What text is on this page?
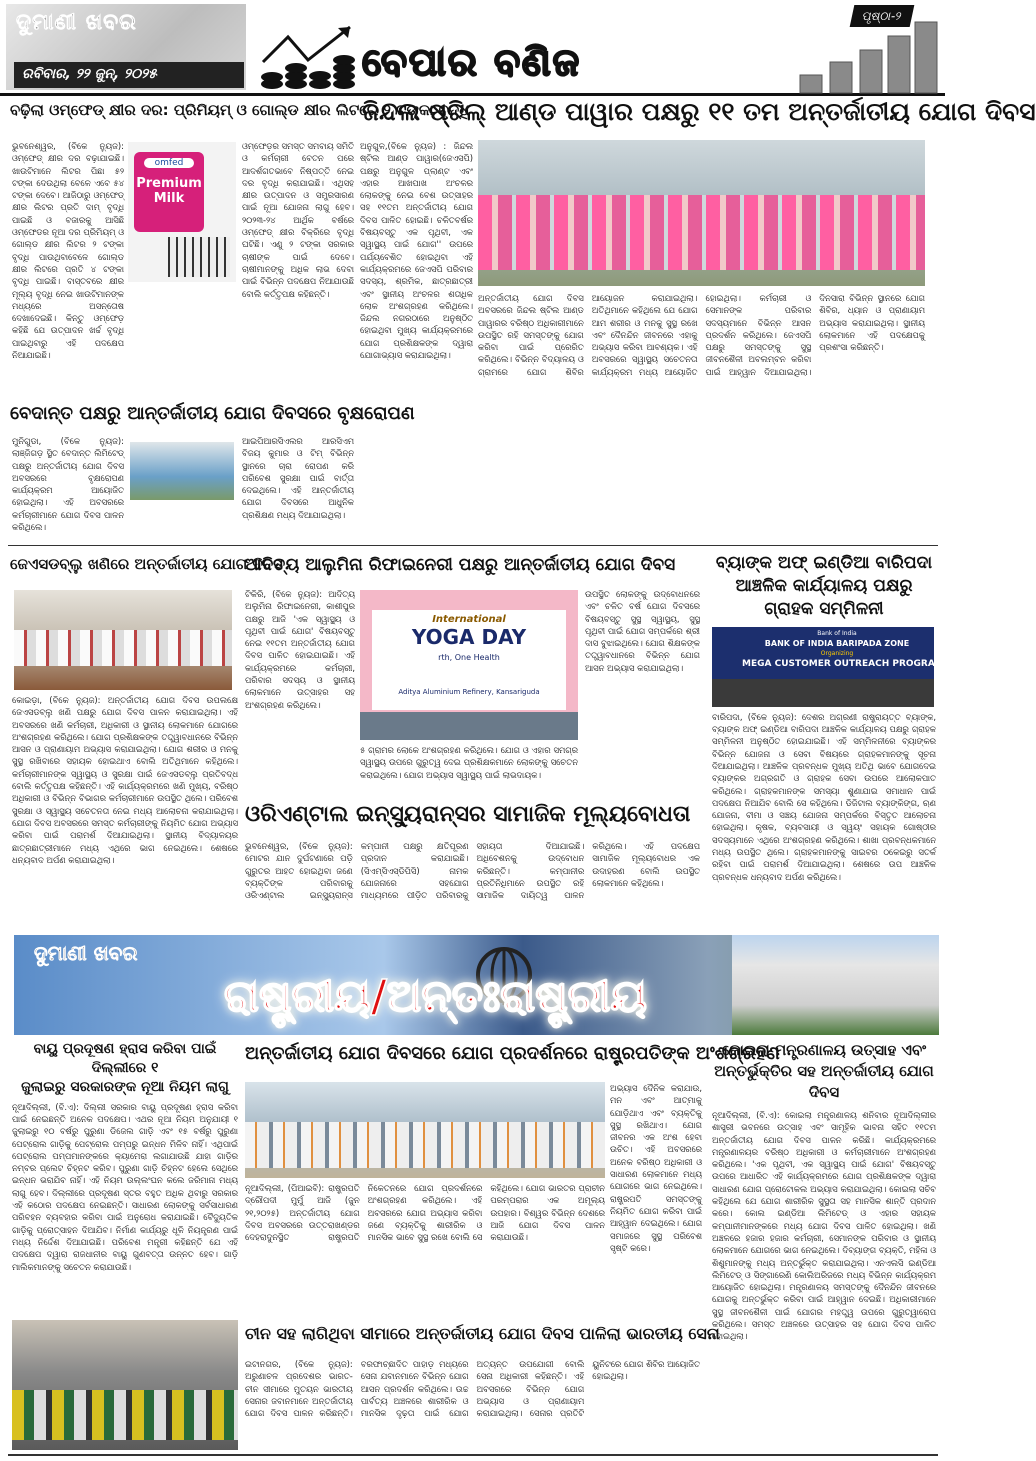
ଦୁମାଣୀ ଖବର
ରବିବାର, ୨୨ ଜୁନ୍, ୨୦୨୫	ବେପାର ବଣିଜ
ପୃଷ୍ଠା-୨
ବଢ଼ିଲା ଓମ୍ଫେଡ୍ କ୍ଷୀର ଦର: ପ୍ରିମିୟମ୍ ଓ ଗୋଲ୍ଡ କ୍ଷୀର ଲିଟରେ ୨ ଟଙ୍କା ବୃଦ୍ଧି
ଭୁବନେଶ୍ୱର, (ବିକେ ନ୍ୟୁଜ): ଓମ୍ଫେଡ୍ କ୍ଷୀର ଦର ବଢ଼ାଯାଇଛି। ଖାଉଟିମାନେ ଲିଟର ପିଛା ୫୨ ଟଙ୍କା ଦେଉଥିଲା ବେଳେ ଏବେ ୫୪ ଟଙ୍କା ଦେବେ। ଆଜିଠାରୁ ଓମ୍ଫେଡ୍ କ୍ଷୀର ଲିଟର ପ୍ରତି ଦାମ୍ ବୃଦ୍ଧି ପାଇଛି ଓ ବଜାରକୁ ଆସିଛି ଓମ୍ଫେଡର ନୂଆ ଦର ପ୍ରିମିୟମ୍ ଓ ଗୋଲ୍ଡ କ୍ଷୀର ଲିଟର ୨ ଟଙ୍କା ବୃଦ୍ଧି ପାଉଥିବାବେଳେ ଗୋଲ୍ଡ କ୍ଷୀର ଲିଟରେ ପ୍ରତି ୪ ଟଙ୍କା ବୃଦ୍ଧି ପାଇଛି। ବାସ୍ତବରେ କ୍ଷୀର ମୂଲ୍ୟ ବୃଦ୍ଧି ନେଇ ଖାଉଟିମାନଙ୍କ ମଧ୍ୟରେ ଅସନ୍ତୋଷ ଦେଖାଦେଇଛି। କିନ୍ତୁ ଓମ୍ଫେଡ଼ କହିଛି ଯେ ଉତ୍ପାଦନ ଖର୍ଚ୍ଚ ବୃଦ୍ଧି ପାଇଥିବାରୁ ଏହି ପଦକ୍ଷେପ ନିଆଯାଇଛି।
omfed
Premium
Milk
ଓମ୍ଫେଡ଼ର ସମସ୍ତ ସମବାୟ ସମିତି ଓ କର୍ମଚାରୀ ବେତନ ପରେ ଆଦର୍ଶଗତଭାବେ ନିଷ୍ପତ୍ତି ନେଇ ଦର ବୃଦ୍ଧି କରାଯାଇଛି। ଏଥିସହ କ୍ଷୀର ଉତ୍ପାଦନ ଓ ସମ୍ପ୍ରସାରଣ ପାଇଁ ନୂଆ ଯୋଜନା ଲାଗୁ ହେବ। ୨୦୨୩-୨୪ ଆର୍ଥିକ ବର୍ଷରେ ଓମ୍ଫେଡ୍ କ୍ଷୀର ବିକ୍ରିରେ ବୃଦ୍ଧି ଘଟିଛି। ଏଣୁ ୨ ଟଙ୍କା ସରକାର ଚାଷୀଙ୍କ ପାଇଁ ଦେବେ। ଚାଷୀମାନଙ୍କୁ ଅଧିକ ଲାଭ ଦେବା ପାଇଁ ବିଭିନ୍ନ ପଦକ୍ଷେପ ନିଆଯାଉଛି ବୋଲି କର୍ତ୍ତୃପକ୍ଷ କହିଛନ୍ତି।
ଜିନ୍ଦଲ ଷ୍ଟିଲ୍ ଆଣ୍ଡ ପାୱାର ପକ୍ଷରୁ ୧୧ ତମ ଅନ୍ତର୍ଜାତୀୟ ଯୋଗ ଦିବସ
ଅନୁଗୁଳ,(ବିକେ ନ୍ୟୁଜ) : ଜିନ୍ଦଲ ଷ୍ଟିଲ ଆଣ୍ଡ ପାୱାର(ଜେଏସପି) ପକ୍ଷରୁ ଅନୁଗୁଳ ପ୍ଲାଣ୍ଟ ଏବଂ ଏହାର ଆଖପାଖ ଅଂଚଳର ଲୋକଙ୍କୁ ନେଇ ବେଶ ଉତ୍ସାହର ସହ ୧୧ତମ ଅନ୍ତର୍ଜାତୀୟ ଯୋଗ ଦିବସ ପାଳିତ ହୋଇଛି। ଚଳିତବର୍ଷର ବିଷୟବସ୍ତୁ ଏକ ପୃଥିବୀ, ଏକ ସ୍ୱାସ୍ଥ୍ୟ ପାଇଁ ଯୋଗ'' ଉପରେ ପର୍ଯ୍ୟବେଶିତ ହୋଇଥିବା ଏହି କାର୍ଯ୍ୟକ୍ରମରେ ଜେଏସପି ପରିବାର ସଦସ୍ୟ, ଶ୍ରମିକ, ଛାତ୍ରଛାତ୍ରୀ ଏବଂ ସ୍ଥାନୀୟ ଅଂଚଳର ଶତାଧିକ ଲୋକ ଅଂଶଗ୍ରହଣ କରିଥିଲେ। ଜିନ୍ଦଲ ନଗରଠାରେ ଅନୁଷ୍ଠିତ ହୋଇଥିବା ମୁଖ୍ୟ କାର୍ଯ୍ୟକ୍ରମରେ ଯୋଗ ପ୍ରଶିକ୍ଷକଙ୍କ ଦ୍ୱାରା ଯୋଗାଭ୍ୟାସ କରାଯାଇଥିଲା।
ଅନ୍ତର୍ଜାତୀୟ ଯୋଗ ଦିବସ ଅବସରରେ ଜିନ୍ଦଲ ଷ୍ଟିଲ ଆଣ୍ଡ ପାୱାରର ବରିଷ୍ଠ ଅଧିକାରୀମାନେ ଉପସ୍ଥିତ ରହି ସମସ୍ତଙ୍କୁ ଯୋଗ କରିବା ପାଇଁ ପ୍ରେରିତ କରିଥିଲେ। ବିଭିନ୍ନ ବିଦ୍ୟାଳୟ ଓ ଗ୍ରାମରେ ଯୋଗ ଶିବିର ଆୟୋଜନ କରାଯାଇଥିଲା। ଅତିଥିମାନେ କହିଥିଲେ ଯେ ଯୋଗ ଆମ ଶରୀର ଓ ମନକୁ ସୁସ୍ଥ ରଖେ ଏବଂ ଦୈନନ୍ଦିନ ଜୀବନରେ ଏହାକୁ ଅଭ୍ୟାସ କରିବା ଆବଶ୍ୟକ। ଏହି ଅବସରରେ ସ୍ୱାସ୍ଥ୍ୟ ସଚେତନତା କାର୍ଯ୍ୟକ୍ରମ ମଧ୍ୟ ଆୟୋଜିତ ହୋଇଥିଲା। କର୍ମଚାରୀ ଓ ସେମାନଙ୍କ ପରିବାର ସଦସ୍ୟମାନେ ବିଭିନ୍ନ ଆସନ ପ୍ରଦର୍ଶନ କରିଥିଲେ। ଜେଏସପି ପକ୍ଷରୁ ସମସ୍ତଙ୍କୁ ସୁସ୍ଥ ଜୀବନଶୈଳୀ ଅବଲମ୍ବନ କରିବା ପାଇଁ ଆହ୍ୱାନ ଦିଆଯାଇଥିଲା। ଦିନସାରା ବିଭିନ୍ନ ସ୍ଥାନରେ ଯୋଗ ଶିବିର, ଧ୍ୟାନ ଓ ପ୍ରାଣାୟାମ ଅଭ୍ୟାସ କରାଯାଇଥିଲା। ସ୍ଥାନୀୟ ଲୋକମାନେ ଏହି ପଦକ୍ଷେପକୁ ପ୍ରଶଂସା କରିଛନ୍ତି।
ବେଦାନ୍ତ ପକ୍ଷରୁ ଆନ୍ତର୍ଜାତୀୟ ଯୋଗ ଦିବସରେ ବୃକ୍ଷରୋପଣ
ମୁନିଗୁଡା, (ବିକେ ନ୍ୟୁଜ): ଲାଞ୍ଜିଗଡ଼ ସ୍ଥିତ ବେଦାନ୍ତ ଲିମିଟେଡ୍ ପକ୍ଷରୁ ଅନ୍ତର୍ଜାତୀୟ ଯୋଗ ଦିବସ ଅବସରରେ ବୃକ୍ଷରୋପଣ କାର୍ଯ୍ୟକ୍ରମ ଆୟୋଜିତ ହୋଇଥିଲା। ଏହି ଅବସରରେ କର୍ମଚାରୀମାନେ ଯୋଗ ଦିବସ ପାଳନ କରିଥିଲେ।
ଆଇପିଆରସିଏଲର ଆରସିଏମ ବିଜୟ କୁମାର ଓ ଟିମ୍ ବିଭିନ୍ନ ସ୍ଥାନରେ ଚାରା ରୋପଣ କରି ପରିବେଶ ସୁରକ୍ଷା ପାଇଁ ବାର୍ତ୍ତା ଦେଇଥିଲେ। ଏହି ଆନ୍ତର୍ଜାତୀୟ ଯୋଗ ଦିବସରେ ଆଧୁନିକ ପ୍ରଶିକ୍ଷଣ ମଧ୍ୟ ଦିଆଯାଇଥିଲା।
ଜେଏସଡବ୍ଲୁ ଖଣିରେ ଅନ୍ତର୍ଜାତୀୟ ଯୋଗ ଦିବସ
କୋଇଡ଼ା, (ବିକେ ନ୍ୟୁଜ): ଅନ୍ତର୍ଜାତୀୟ ଯୋଗ ଦିବସ ଉପଲକ୍ଷେ ଜେଏସଡବ୍ଲୁ ଖଣି ପକ୍ଷରୁ ଯୋଗ ଦିବସ ପାଳନ କରାଯାଇଥିଲା। ଏହି ଅବସରରେ ଖଣି କର୍ମଚାରୀ, ଅଧିକାରୀ ଓ ସ୍ଥାନୀୟ ଲୋକମାନେ ଯୋଗରେ ଅଂଶଗ୍ରହଣ କରିଥିଲେ। ଯୋଗ ପ୍ରଶିକ୍ଷକଙ୍କ ତତ୍ତ୍ୱାବଧାନରେ ବିଭିନ୍ନ ଆସନ ଓ ପ୍ରାଣାୟାମ ଅଭ୍ୟାସ କରାଯାଇଥିଲା। ଯୋଗ ଶରୀର ଓ ମନକୁ ସୁସ୍ଥ ରଖିବାରେ ସହାୟକ ହୋଇଥାଏ ବୋଲି ଅତିଥିମାନେ କହିଥିଲେ। କର୍ମଚାରୀମାନଙ୍କ ସ୍ୱାସ୍ଥ୍ୟ ଓ ସୁରକ୍ଷା ପାଇଁ ଜେଏସଡବ୍ଲୁ ପ୍ରତିବଦ୍ଧ ବୋଲି କର୍ତ୍ତୃପକ୍ଷ କହିଛନ୍ତି। ଏହି କାର୍ଯ୍ୟକ୍ରମରେ ଖଣି ମୁଖ୍ୟ, ବରିଷ୍ଠ ଅଧିକାରୀ ଓ ବିଭିନ୍ନ ବିଭାଗର କର୍ମଚାରୀମାନେ ଉପସ୍ଥିତ ଥିଲେ। ପରିବେଶ ସୁରକ୍ଷା ଓ ସ୍ୱାସ୍ଥ୍ୟ ସଚେତନତା ନେଇ ମଧ୍ୟ ଆଲୋଚନା କରାଯାଇଥିଲା। ଯୋଗ ଦିବସ ଅବସରରେ ସମସ୍ତ କର୍ମଚାରୀଙ୍କୁ ନିୟମିତ ଯୋଗ ଅଭ୍ୟାସ କରିବା ପାଇଁ ପରାମର୍ଶ ଦିଆଯାଇଥିଲା। ସ୍ଥାନୀୟ ବିଦ୍ୟାଳୟର ଛାତ୍ରଛାତ୍ରୀମାନେ ମଧ୍ୟ ଏଥିରେ ଭାଗ ନେଇଥିଲେ। ଶେଷରେ ଧନ୍ୟବାଦ ଅର୍ପଣ କରାଯାଇଥିଲା।
ଆଦିତ୍ୟ ଆଲୁମିନା ରିଫାଇନେରୀ ପକ୍ଷରୁ ଆନ୍ତର୍ଜାତୀୟ ଯୋଗ ଦିବସ
ଟିକିରି, (ବିକେ ନ୍ୟୁଜ): ଆଦିତ୍ୟ ଅଲୁମିନା ରିଫାଇନେରୀ, କାଶୀପୁର ପକ୍ଷରୁ ଆଜି 'ଏକ ସ୍ୱାସ୍ଥ୍ୟ ଓ ପୃଥିବୀ ପାଇଁ ଯୋଗ' ବିଷୟବସ୍ତୁ ନେଇ ୧୧ତମ ଅନ୍ତର୍ଜାତୀୟ ଯୋଗ ଦିବସ ପାଳିତ ହୋଇଯାଇଛି। ଏହି କାର୍ଯ୍ୟକ୍ରମରେ କର୍ମଚାରୀ, ପରିବାର ସଦସ୍ୟ ଓ ସ୍ଥାନୀୟ ଲୋକମାନେ ଉତ୍ସାହର ସହ ଅଂଶଗ୍ରହଣ କରିଥିଲେ।
International
YOGA DAY
rth, One Health
Aditya Aluminium Refinery, Kansariguda
୫ ଗ୍ରାମର ଲୋକେ ଅଂଶଗ୍ରହଣ କରିଥିଲେ। ଯୋଗ ଓ ଏହାର ସମଗ୍ର ସ୍ୱାସ୍ଥ୍ୟ ଉପରେ ଗୁରୁତ୍ୱ ଦେଇ ପ୍ରଶିକ୍ଷକମାନେ ଲୋକଙ୍କୁ ସଚେତନ କରାଇଥିଲେ। ଯୋଗ ଅଭ୍ୟାସ ସ୍ୱାସ୍ଥ୍ୟ ପାଇଁ ଲାଭଦାୟକ।
ଉପସ୍ଥିତ ଲୋକଙ୍କୁ ଉଦ୍ବୋଧନରେ ଏବଂ ଚଳିତ ବର୍ଷ ଯୋଗ ଦିବସରେ ବିଷୟବସ୍ତୁ ସୁସ୍ଥ ସ୍ୱାସ୍ଥ୍ୟ, ସୁସ୍ଥ ପୃଥିବୀ ପାଇଁ ଯୋଗ ସମ୍ପର୍କରେ ଶ୍ରୀ ଦାସ ବୁଝାଇଥିଲେ। ଯୋଗ ଶିକ୍ଷକଙ୍କ ତତ୍ତ୍ୱାବଧାନରେ ବିଭିନ୍ନ ଯୋଗ ଆସନ ଅଭ୍ୟାସ କରାଯାଇଥିଲା।
ବ୍ୟାଙ୍କ ଅଫ୍ ଇଣ୍ଡିଆ ବାରିପଦା ଆଞ୍ଚଳିକ କାର୍ଯ୍ୟାଳୟ ପକ୍ଷରୁ ଗ୍ରାହକ ସମ୍ମିଳନୀ
Bank of India
BANK OF INDIA BARIPADA ZONE
Organizing
MEGA CUSTOMER OUTREACH PROGRA
ବାରିପଦା, (ବିକେ ନ୍ୟୁଜ): ଦେଶର ଅଗ୍ରଣୀ ରାଷ୍ଟ୍ରାୟତ୍ତ ବ୍ୟାଙ୍କ, ବ୍ୟାଙ୍କ ଅଫ୍ ଇଣ୍ଡିଆ ବାରିପଦା ଆଞ୍ଚଳିକ କାର୍ଯ୍ୟାଳୟ ପକ୍ଷରୁ ଗ୍ରାହକ ସମ୍ମିଳନୀ ଅନୁଷ୍ଠିତ ହୋଇଯାଇଛି। ଏହି ସମ୍ମିଳନୀରେ ବ୍ୟାଙ୍କର ବିଭିନ୍ନ ଯୋଜନା ଓ ସେବା ବିଷୟରେ ଗ୍ରାହକମାନଙ୍କୁ ସୂଚନା ଦିଆଯାଇଥିଲା। ଆଞ୍ଚଳିକ ପ୍ରବନ୍ଧକ ମୁଖ୍ୟ ଅତିଥି ଭାବେ ଯୋଗଦେଇ ବ୍ୟାଙ୍କର ଅଗ୍ରଗତି ଓ ଗ୍ରାହକ ସେବା ଉପରେ ଆଲୋକପାତ କରିଥିଲେ। ଗ୍ରାହକମାନଙ୍କ ସମସ୍ୟା ଶୁଣାଯାଇ ସମାଧାନ ପାଇଁ ପଦକ୍ଷେପ ନିଆଯିବ ବୋଲି ସେ କହିଥିଲେ। ଡିଜିଟାଲ ବ୍ୟାଙ୍କିଙ୍ଗ, ଋଣ ଯୋଜନା, ବୀମା ଓ ସଞ୍ଚୟ ଯୋଜନା ସମ୍ପର୍କରେ ବିସ୍ତୃତ ଆଲୋଚନା ହୋଇଥିଲା। କୃଷକ, ବ୍ୟବସାୟୀ ଓ ସ୍ୱୟଂ ସହାୟକ ଗୋଷ୍ଠୀର ସଦସ୍ୟମାନେ ଏଥିରେ ଅଂଶଗ୍ରହଣ କରିଥିଲେ। ଶାଖା ପ୍ରବନ୍ଧକମାନେ ମଧ୍ୟ ଉପସ୍ଥିତ ଥିଲେ। ଗ୍ରାହକମାନଙ୍କୁ ସାଇବର ଠକେଇରୁ ସତର୍କ ରହିବା ପାଇଁ ପରାମର୍ଶ ଦିଆଯାଇଥିଲା। ଶେଷରେ ଉପ ଆଞ୍ଚଳିକ ପ୍ରବନ୍ଧକ ଧନ୍ୟବାଦ ଅର୍ପଣ କରିଥିଲେ।
ଓରିଏଣ୍ଟାଲ ଇନ୍ସ୍ୟୁରାନ୍ସର ସାମାଜିକ ମୂଲ୍ୟବୋଧତା
ଭୁବନେଶ୍ୱର, (ବିକେ ନ୍ୟୁଜ): ମୋଟର ଯାନ ଦୁର୍ଘଟଣାରେ ପଡ଼ି ଗୁରୁତର ଆହତ ହୋଇଥିବା ଜଣେ ବ୍ୟକ୍ତିଙ୍କ ପରିବାରକୁ ଓରିଏଣ୍ଟାଲ ଇନ୍ସ୍ୟୁରାନ୍ସ କମ୍ପାନୀ ପକ୍ଷରୁ କ୍ଷତିପୂରଣ ପ୍ରଦାନ କରାଯାଇଛି। (ସିଏମ୍‌ସିଏସ୍‌ଡିପିସି) ନାମକ ଯୋଜନାରେ ସହଯୋଗ ମାଧ୍ୟମରେ ପୀଡ଼ିତ ପରିବାରକୁ ସହାୟତା ଦିଆଯାଇଛି। ଅଧିବେଶନକୁ ଉଦ୍ବୋଧନ କରିଛନ୍ତି। କମ୍ପାନୀର ପ୍ରତିନିଧିମାନେ ଉପସ୍ଥିତ ରହି ସାମାଜିକ ଦାୟିତ୍ୱ ପାଳନ କରିଥିଲେ। ଏହି ପଦକ୍ଷେପ ସାମାଜିକ ମୂଲ୍ୟବୋଧର ଏକ ଉଦାହରଣ ବୋଲି ଉପସ୍ଥିତ ଲୋକମାନେ କହିଥିଲେ।
ଦୁମାଣୀ ଖବର
ରାଷ୍ଟ୍ରୀୟ/ଅନ୍ତଃରାଷ୍ଟ୍ରୀୟ
ବାୟୁ ପ୍ରଦୂଷଣ ହ୍ରାସ କରିବା ପାଇଁ ଦିଲ୍ଲୀରେ ୧
ଜୁଲାଇରୁ ସରକାରଙ୍କ ନୂଆ ନିୟମ ଲାଗୁ
ନୂଆଦିଲ୍ଲୀ, (ବି.ଏ): ଦିଲ୍ଲୀ ସରକାର ବାୟୁ ପ୍ରଦୂଷଣ ହ୍ରାସ କରିବା ପାଇଁ ନେଇଛନ୍ତି ଅନେକ ପଦକ୍ଷେପ। ଏଥର ନୂଆ ନିୟମ ଅନୁଯାୟୀ ୧ ଜୁଲାଇରୁ ୧୦ ବର୍ଷରୁ ପୁରୁଣା ଡିଜେଲ ଗାଡ଼ି ଏବଂ ୧୫ ବର୍ଷରୁ ପୁରୁଣା ପେଟ୍ରୋଲ ଗାଡ଼ିକୁ ପେଟ୍ରୋଲ ପମ୍ପରୁ ଇନ୍ଧନ ମିଳିବ ନାହିଁ। ଏଥିପାଇଁ ପେଟ୍ରୋଲ ପମ୍ପମାନଙ୍କରେ କ୍ୟାମେରା ଲଗାଯାଉଛି ଯାହା ଗାଡ଼ିର ନମ୍ବର ପ୍ଲେଟ ଚିହ୍ନଟ କରିବ। ପୁରୁଣା ଗାଡ଼ି ଚିହ୍ନଟ ହେଲେ ସେଥିରେ ଇନ୍ଧନ ଭରାଯିବ ନାହିଁ। ଏହି ନିୟମ ଉଲ୍ଲଂଘନ କଲେ ଜରିମାନା ମଧ୍ୟ ଲାଗୁ ହେବ। ଦିଲ୍ଲୀରେ ପ୍ରଦୂଷଣ ସ୍ତର ବହୁତ ଅଧିକ ଥିବାରୁ ସରକାର ଏହି କଠୋର ପଦକ୍ଷେପ ନେଇଛନ୍ତି। ସାଧାରଣ ଲୋକଙ୍କୁ ସର୍ବସାଧାରଣ ପରିବହନ ବ୍ୟବହାର କରିବା ପାଇଁ ଅନୁରୋଧ କରାଯାଇଛି। ବୈଦ୍ୟୁତିକ ଗାଡ଼ିକୁ ପ୍ରୋତ୍ସାହନ ଦିଆଯିବ। ନିର୍ମାଣ କାର୍ଯ୍ୟରୁ ଧୂଳି ନିୟନ୍ତ୍ରଣ ପାଇଁ ମଧ୍ୟ ନିର୍ଦ୍ଦେଶ ଦିଆଯାଇଛି। ପରିବେଶ ମନ୍ତ୍ରୀ କହିଛନ୍ତି ଯେ ଏହି ପଦକ୍ଷେପ ଦ୍ୱାରା ରାଜଧାନୀର ବାୟୁ ଗୁଣବତ୍ତା ଉନ୍ନତ ହେବ। ଗାଡ଼ି ମାଲିକମାନଙ୍କୁ ସଚେତନ କରାଯାଉଛି।
ଅନ୍ତର୍ଜାତୀୟ ଯୋଗ ଦିବସରେ ଯୋଗ ପ୍ରଦର୍ଶନରେ ରାଷ୍ଟ୍ରପତିଙ୍କ ଅଂଶଗ୍ରହଣ
ନୂଆଦିଲ୍ଲୀ, (ପିଆଇବି): ରାଷ୍ଟ୍ରପତି ଦ୍ରୌପଦୀ ମୁର୍ମୁ ଆଜି (ଜୁନ ୨୧,୨୦୨୫) ଅନ୍ତର୍ଜାତୀୟ ଯୋଗ ଦିବସ ଅବସରରେ ଉତ୍ତରାଖଣ୍ଡର ଦେହରାଦୁନସ୍ଥିତ ରାଷ୍ଟ୍ରପତି ନିକେତନରେ ଯୋଗ ପ୍ରଦର୍ଶନରେ ଅଂଶଗ୍ରହଣ କରିଥିଲେ। ଏହି ଅବସରରେ ଯୋଗ ଅଭ୍ୟାସ କରିବା ଜଣେ ବ୍ୟକ୍ତିକୁ ଶାରୀରିକ ଓ ମାନସିକ ଭାବେ ସୁସ୍ଥ ରଖେ ବୋଲି ସେ କହିଥିଲେ। ଯୋଗ ଭାରତର ପ୍ରାଚୀନ ପରମ୍ପରାର ଏକ ଅମୂଲ୍ୟ ଉପହାର। ବିଶ୍ୱର ବିଭିନ୍ନ ଦେଶରେ ଆଜି ଯୋଗ ଦିବସ ପାଳନ କରାଯାଉଛି।
ଅଭ୍ୟାସ ଦୈନିକ କରାଯାଉ, ମନ ଏବଂ ଆତ୍ମାକୁ ଯୋଡ଼ିଥାଏ ଏବଂ ବ୍ୟକ୍ତିକୁ ସୁସ୍ଥ ରଖିଥାଏ। ଯୋଗ ଜୀବନର ଏକ ଅଂଶ ହେବା ଉଚିତ। ଏହି ଅବସରରେ ଅନେକ ବରିଷ୍ଠ ଅଧିକାରୀ ଓ ସାଧାରଣ ଲୋକମାନେ ମଧ୍ୟ ଯୋଗରେ ଭାଗ ନେଇଥିଲେ। ରାଷ୍ଟ୍ରପତି ସମସ୍ତଙ୍କୁ ନିୟମିତ ଯୋଗ କରିବା ପାଇଁ ଆହ୍ୱାନ ଦେଇଥିଲେ। ଯୋଗ ସମାଜରେ ସୁସ୍ଥ ପରିବେଶ ସୃଷ୍ଟି କରେ।
ଚୀନ ସହ ଲାଗିଥିବା ସୀମାରେ ଅନ୍ତର୍ଜାତୀୟ ଯୋଗ ଦିବସ ପାଳିଲା ଭାରତୀୟ ସେନା
ଇଟାନଗର, (ବିକେ ନ୍ୟୁଜ): ଅରୁଣାଚଳ ପ୍ରଦେଶର ଭାରତ-ଚୀନ ସୀମାରେ ମୁତୟନ ଭାରତୀୟ ସେନାର ଜବାନମାନେ ଅନ୍ତର୍ଜାତୀୟ ଯୋଗ ଦିବସ ପାଳନ କରିଛନ୍ତି। ବରଫାଚ୍ଛାଦିତ ପାହାଡ଼ ମଧ୍ୟରେ ସେନା ଯବାନମାନେ ବିଭିନ୍ନ ଯୋଗ ଆସନ ପ୍ରଦର୍ଶନ କରିଥିଲେ। ଉଚ୍ଚ ପାର୍ବତ୍ୟ ଅଞ୍ଚଳରେ ଶାରୀରିକ ଓ ମାନସିକ ଦୃଢ଼ତା ପାଇଁ ଯୋଗ ଅତ୍ୟନ୍ତ ଉପଯୋଗୀ ବୋଲି ସେନା ଅଧିକାରୀ କହିଛନ୍ତି। ଏହି ଅବସରରେ ବିଭିନ୍ନ ଯୋଗ ଅଭ୍ୟାସ ଓ ପ୍ରାଣାୟାମ କରାଯାଇଥିଲା। ସେନାର ପ୍ରତିଟି ୟୁନିଟରେ ଯୋଗ ଶିବିର ଆୟୋଜିତ ହୋଇଥିଲା।
କୋଇଲା ମନ୍ତ୍ରଣାଳୟ ଉତ୍ସାହ ଏବଂ
ଅନ୍ତର୍ଭୁକ୍ତିର ସହ ଅନ୍ତର୍ଜାତୀୟ ଯୋଗ ଦିବସ
ନୂଆଦିଲ୍ଲୀ, (ବି.ଏ): କୋଇଲା ମନ୍ତ୍ରଣାଳୟ ଶନିବାର ନୂଆଦିଲ୍ଲୀର ଶାସ୍ତ୍ରୀ ଭବନରେ ଉତ୍ସାହ ଏବଂ ସାମୂହିକ ଭାବନା ସହିତ ୧୧ତମ ଅନ୍ତର୍ଜାତୀୟ ଯୋଗ ଦିବସ ପାଳନ କରିଛି। କାର୍ଯ୍ୟକ୍ରମରେ ମନ୍ତ୍ରଣାଳୟର ବରିଷ୍ଠ ଅଧିକାରୀ ଓ କର୍ମଚାରୀମାନେ ଅଂଶଗ୍ରହଣ କରିଥିଲେ। 'ଏକ ପୃଥିବୀ, ଏକ ସ୍ୱାସ୍ଥ୍ୟ ପାଇଁ ଯୋଗ' ବିଷୟବସ୍ତୁ ଉପରେ ଆଧାରିତ ଏହି କାର୍ଯ୍ୟକ୍ରମରେ ଯୋଗ ପ୍ରଶିକ୍ଷକଙ୍କ ଦ୍ୱାରା ସାଧାରଣ ଯୋଗ ପ୍ରୋଟୋକଲ ଅଭ୍ୟାସ କରାଯାଇଥିଲା। କୋଇଲା ସଚିବ କହିଥିଲେ ଯେ ଯୋଗ ଶାରୀରିକ ସୁସ୍ଥତା ସହ ମାନସିକ ଶାନ୍ତି ପ୍ରଦାନ କରେ। କୋଲ ଇଣ୍ଡିଆ ଲିମିଟେଡ୍ ଓ ଏହାର ସହାୟକ କମ୍ପାନୀମାନଙ୍କରେ ମଧ୍ୟ ଯୋଗ ଦିବସ ପାଳିତ ହୋଇଥିଲା। ଖଣି ଅଞ୍ଚଳରେ ହଜାର ହଜାର କର୍ମଚାରୀ, ସେମାନଙ୍କ ପରିବାର ଓ ସ୍ଥାନୀୟ ଲୋକମାନେ ଯୋଗରେ ଭାଗ ନେଇଥିଲେ। ଦିବ୍ୟାଙ୍ଗ ବ୍ୟକ୍ତି, ମହିଳା ଓ ଶିଶୁମାନଙ୍କୁ ମଧ୍ୟ ଅନ୍ତର୍ଭୁକ୍ତ କରାଯାଇଥିଲା। ଏନଏଲସି ଇଣ୍ଡିଆ ଲିମିଟେଡ୍ ଓ ସିଙ୍ଗାରେଣି କୋଲିଅରିଜରେ ମଧ୍ୟ ବିଭିନ୍ନ କାର୍ଯ୍ୟକ୍ରମ ଆୟୋଜିତ ହୋଇଥିଲା। ମନ୍ତ୍ରଣାଳୟ ସମସ୍ତଙ୍କୁ ଦୈନନ୍ଦିନ ଜୀବନରେ ଯୋଗକୁ ଅନ୍ତର୍ଭୁକ୍ତ କରିବା ପାଇଁ ଆହ୍ୱାନ ଦେଇଛି। ଅଧିକାରୀମାନେ ସୁସ୍ଥ ଜୀବନଶୈଳୀ ପାଇଁ ଯୋଗର ମହତ୍ତ୍ୱ ଉପରେ ଗୁରୁତ୍ୱାରୋପ କରିଥିଲେ। ସମସ୍ତ ଅଞ୍ଚଳରେ ଉତ୍ସାହର ସହ ଯୋଗ ଦିବସ ପାଳିତ ହୋଇଥିଲା।
